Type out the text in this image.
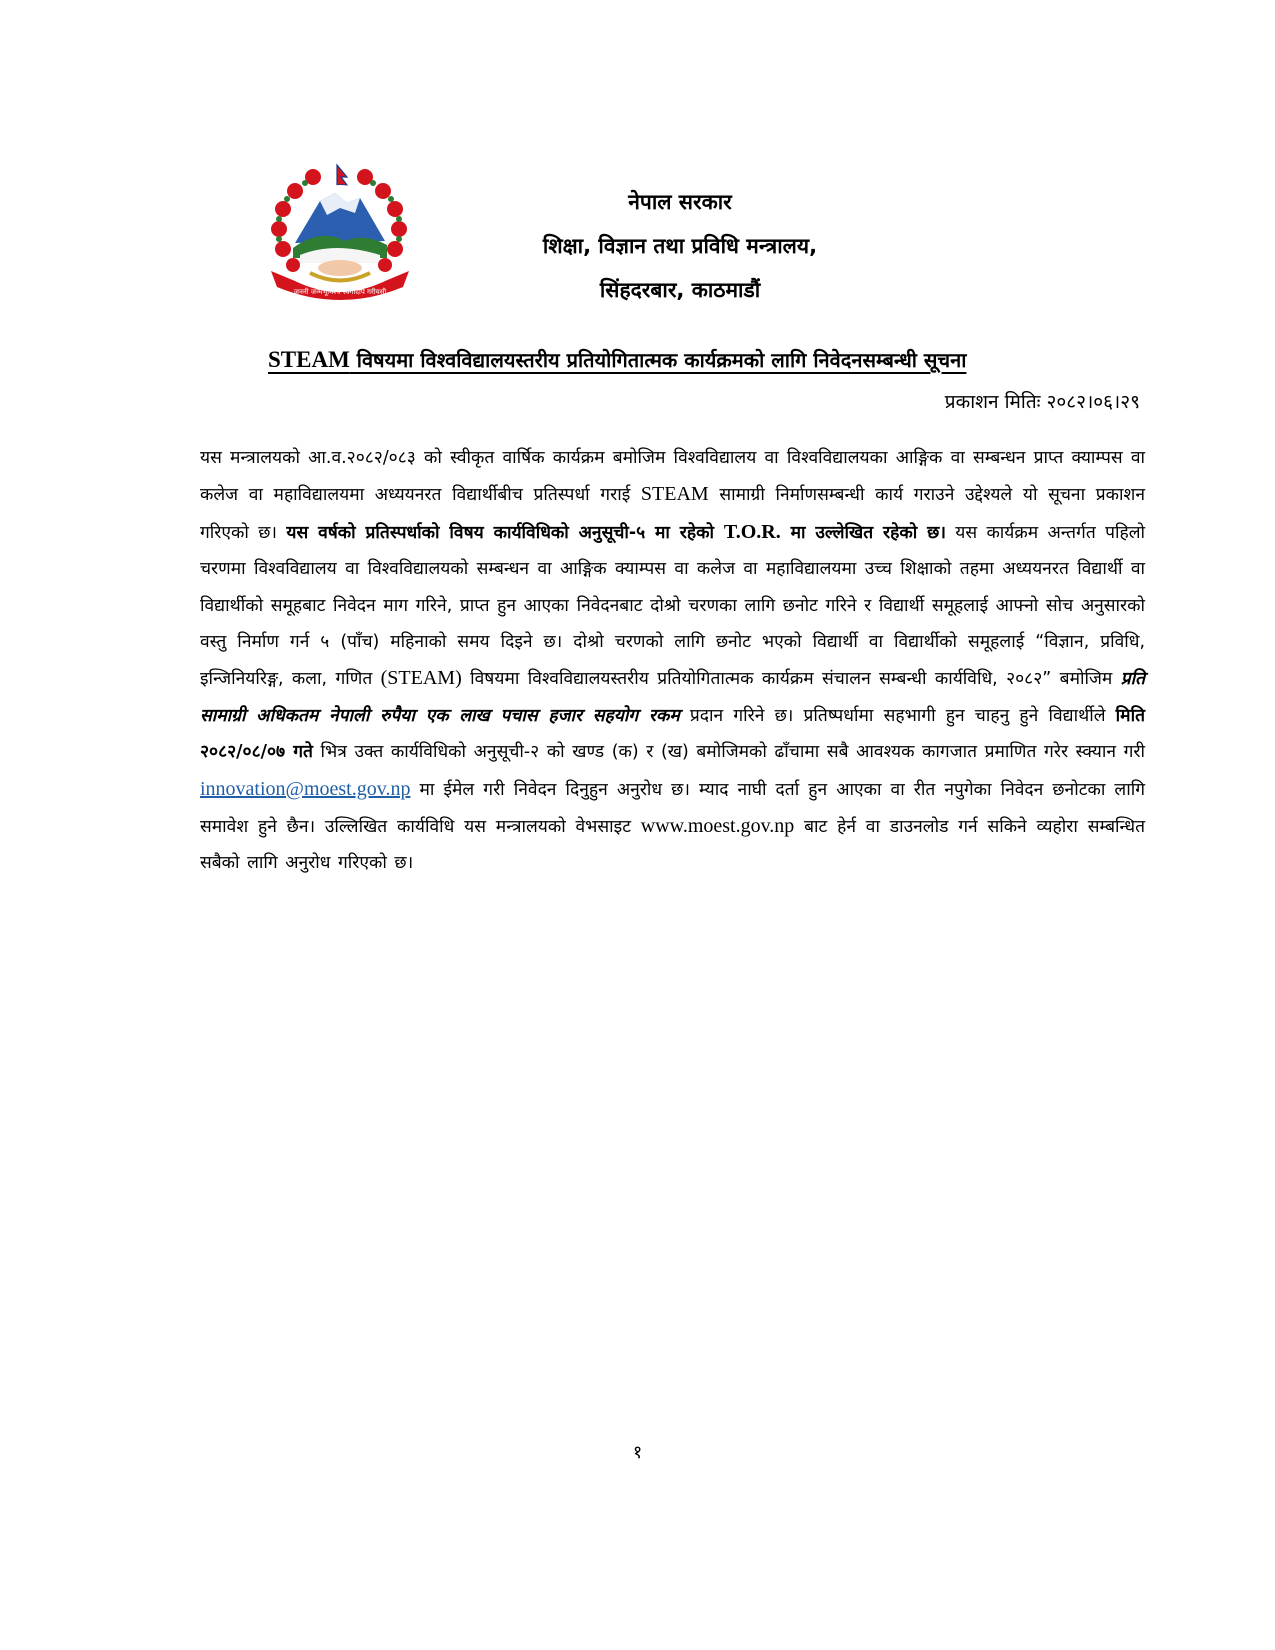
जननी जन्मभूमिश्च स्वर्गादपि गरीयसी
नेपाल सरकार
शिक्षा, विज्ञान तथा प्रविधि मन्त्रालय,
सिंहदरबार, काठमाडौं
STEAM विषयमा विश्वविद्यालयस्तरीय प्रतियोगितात्मक कार्यक्रमको लागि निवेदनसम्बन्धी सूचना
प्रकाशन मितिः २०८२।०६।२९
यस मन्त्रालयको आ.व.२०८२/०८३ को स्वीकृत वार्षिक कार्यक्रम बमोजिम विश्वविद्यालय वा विश्वविद्यालयका आङ्गिक वा सम्बन्धन प्राप्त क्याम्पस वा कलेज वा महाविद्यालयमा अध्ययनरत विद्यार्थीबीच प्रतिस्पर्धा गराई STEAM सामाग्री निर्माणसम्बन्धी कार्य गराउने उद्देश्यले यो सूचना प्रकाशन गरिएको छ। यस वर्षको प्रतिस्पर्धाको विषय कार्यविधिको अनुसूची-५ मा रहेको T.O.R. मा उल्लेखित रहेको छ। यस कार्यक्रम अन्तर्गत पहिलो चरणमा विश्वविद्यालय वा विश्वविद्यालयको सम्बन्धन वा आङ्गिक क्याम्पस वा कलेज वा महाविद्यालयमा उच्च शिक्षाको तहमा अध्ययनरत विद्यार्थी वा विद्यार्थीको समूहबाट निवेदन माग गरिने, प्राप्त हुन आएका निवेदनबाट दोश्रो चरणका लागि छनोट गरिने र विद्यार्थी समूहलाई आफ्नो सोच अनुसारको वस्तु निर्माण गर्न ५ (पाँच) महिनाको समय दिइने छ। दोश्रो चरणको लागि छनोट भएको विद्यार्थी वा विद्यार्थीको समूहलाई “विज्ञान, प्रविधि, इन्जिनियरिङ्ग, कला, गणित (STEAM) विषयमा विश्वविद्यालयस्तरीय प्रतियोगितात्मक कार्यक्रम संचालन सम्बन्धी कार्यविधि, २०८२” बमोजिम प्रति सामाग्री अधिकतम नेपाली रुपैया एक लाख पचास हजार सहयोग रकम प्रदान गरिने छ। प्रतिष्पर्धामा सहभागी हुन चाहनु हुने विद्यार्थीले मिति २०८२/०८/०७ गते भित्र उक्त कार्यविधिको अनुसूची-२ को खण्ड (क) र (ख) बमोजिमको ढाँचामा सबै आवश्यक कागजात प्रमाणित गरेर स्क्यान गरी innovation@moest.gov.np मा ईमेल गरी निवेदन दिनुहुन अनुरोध छ। म्याद नाघी दर्ता हुन आएका वा रीत नपुगेका निवेदन छनोटका लागि समावेश हुने छैन। उल्लिखित कार्यविधि यस मन्त्रालयको वेभसाइट www.moest.gov.np बाट हेर्न वा डाउनलोड गर्न सकिने व्यहोरा सम्बन्धित सबैको लागि अनुरोध गरिएको छ।
१
